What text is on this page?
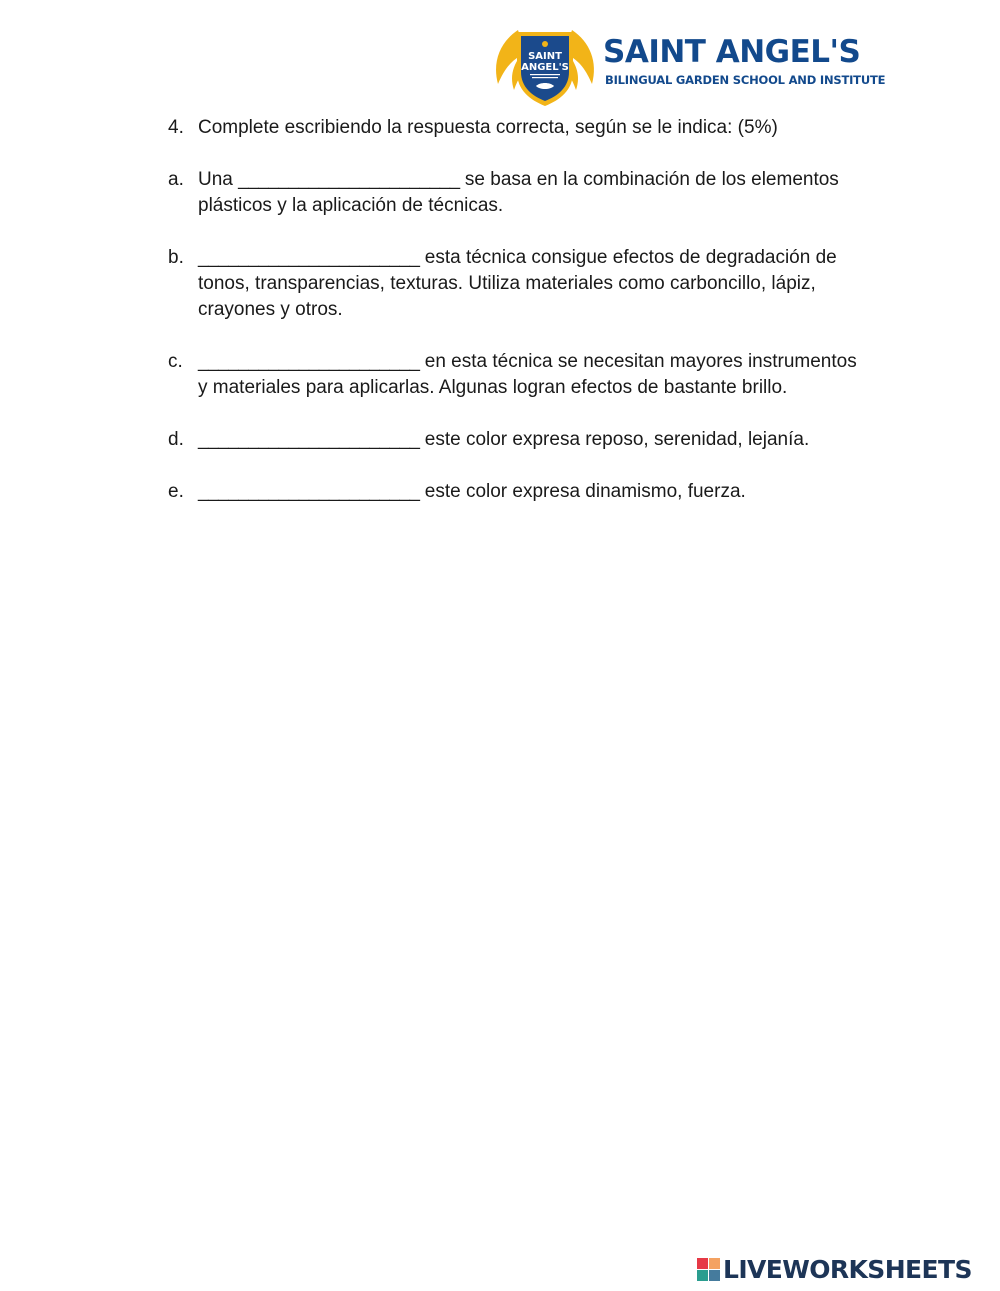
SAINT
ANGEL'S SAINT ANGEL'S
BILINGUAL GARDEN SCHOOL AND INSTITUTE
4. Complete escribiendo la respuesta correcta, según se le indica: (5%)
a. Una ______________________ se basa en la combinación de los elementos plásticos y la aplicación de técnicas.
b. ______________________ esta técnica consigue efectos de degradación de tonos, transparencias, texturas. Utiliza materiales como carboncillo, lápiz, crayones y otros.
c. ______________________ en esta técnica se necesitan mayores instrumentos y materiales para aplicarlas. Algunas logran efectos de bastante brillo.
d. ______________________ este color expresa reposo, serenidad, lejanía.
e. ______________________ este color expresa dinamismo, fuerza.
LIVEWORKSHEETS
